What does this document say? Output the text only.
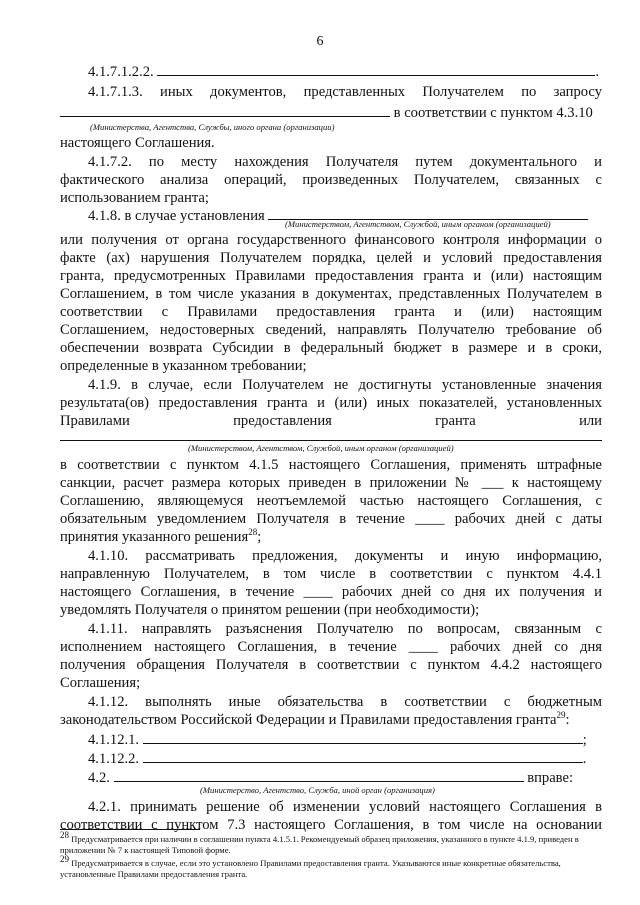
6
4.1.7.1.2.2.	.
4.1.7.1.3. иных документов, представленных Получателем по запросу
в соответствии с пунктом 4.3.10
(Министерства, Агентства, Службы, иного органа (организации)
настоящего Соглашения.
4.1.7.2. по месту нахождения Получателя путем документального и
фактического анализа операций, произведенных Получателем, связанных с
использованием гранта;
4.1.8. в случае установления	(Министерством, Агентством, Службой, иным органом (организацией)
или получения от органа государственного финансового контроля информации о
факте (ах) нарушения Получателем порядка, целей и условий предоставления
гранта, предусмотренных Правилами предоставления гранта и (или) настоящим
Соглашением, в том числе указания в документах, представленных Получателем в
соответствии с Правилами предоставления гранта и (или) настоящим
Соглашением, недостоверных сведений, направлять Получателю требование об
обеспечении возврата Субсидии в федеральный бюджет в размере и в сроки,
определенные в указанном требовании;
4.1.9. в случае, если Получателем не достигнуты установленные значения
результата(ов) предоставления гранта и (или) иных показателей, установленных
Правилами предоставления гранта или
(Министерством, Агентством, Службой, иным органом (организацией)
в соответствии с пунктом 4.1.5 настоящего Соглашения, применять штрафные
санкции, расчет размера которых приведен в приложении № ___ к настоящему
Соглашению, являющемуся неотъемлемой частью настоящего Соглашения, с
обязательным уведомлением Получателя в течение ____ рабочих дней с даты
принятия указанного решения$^{28}$;
4.1.10. рассматривать предложения, документы и иную информацию,
направленную Получателем, в том числе в соответствии с пунктом 4.4.1
настоящего Соглашения, в течение ____ рабочих дней со дня их получения и
уведомлять Получателя о принятом решении (при необходимости);
4.1.11. направлять разъяснения Получателю по вопросам, связанным с
исполнением настоящего Соглашения, в течение ____ рабочих дней со дня
получения обращения Получателя в соответствии с пунктом 4.4.2 настоящего
Соглашения;
4.1.12. выполнять иные обязательства в соответствии с бюджетным
законодательством Российской Федерации и Правилами предоставления гранта$^{29}$:
4.1.12.1.	;
4.1.12.2.	.
4.2.	вправе:
(Министерство, Агентство, Служба, иной орган (организация)
4.2.1. принимать решение об изменении условий настоящего Соглашения в
соответствии с пунктом 7.3 настоящего Соглашения, в том числе на основании
$^{28}$ Предусматривается при наличии в соглашении пункта 4.1.5.1. Рекомендуемый образец приложения, указанного в пункте 4.1.9, приведен в приложении № 7 к настоящей Типовой форме.
$^{29}$ Предусматривается в случае, если это установлено Правилами предоставления гранта. Указываются иные конкретные обязательства, установленные Правилами предоставления гранта.
